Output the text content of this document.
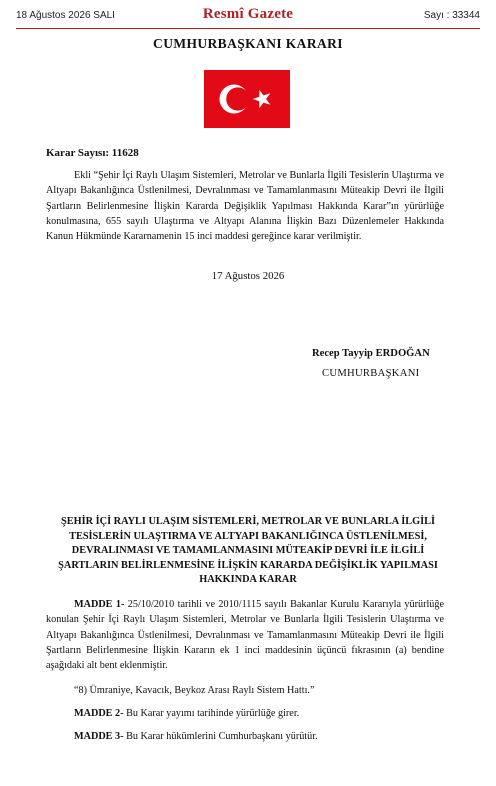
18 Ağustos 2026 SALI	Resmî Gazete	Sayı : 33344
CUMHURBAŞKANI KARARI
Karar Sayısı: 11628
Ekli “Şehir İçi Raylı Ulaşım Sistemleri, Metrolar ve Bunlarla İlgili Tesislerin Ulaştırma ve Altyapı Bakanlığınca Üstlenilmesi, Devralınması ve Tamamlanmasını Müteakip Devri ile İlgili Şartların Belirlenmesine İlişkin Kararda Değişiklik Yapılması Hakkında Karar”ın yürürlüğe konulmasına, 655 sayılı Ulaştırma ve Altyapı Alanına İlişkin Bazı Düzenlemeler Hakkında Kanun Hükmünde Kararnamenin 15 inci maddesi gereğince karar verilmiştir.
17 Ağustos 2026
Recep Tayyip ERDOĞAN
CUMHURBAŞKANI
ŞEHİR İÇİ RAYLI ULAŞIM SİSTEMLERİ, METROLAR VE BUNLARLA İLGİLİ TESİSLERİN ULAŞTIRMA VE ALTYAPI BAKANLIĞINCA ÜSTLENİLMESİ, DEVRALINMASI VE TAMAMLANMASINI MÜTEAKİP DEVRİ İLE İLGİLİ ŞARTLARIN BELİRLENMESİNE İLİŞKİN KARARDA DEĞİŞİKLİK YAPILMASI HAKKINDA KARAR
MADDE 1- 25/10/2010 tarihli ve 2010/1115 sayılı Bakanlar Kurulu Kararıyla yürürlüğe konulan Şehir İçi Raylı Ulaşım Sistemleri, Metrolar ve Bunlarla İlgili Tesislerin Ulaştırma ve Altyapı Bakanlığınca Üstlenilmesi, Devralınması ve Tamamlanmasını Müteakip Devri ile İlgili Şartların Belirlenmesine İlişkin Kararın ek 1 inci maddesinin üçüncü fıkrasının (a) bendine aşağıdaki alt bent eklenmiştir.
“8) Ümraniye, Kavacık, Beykoz Arası Raylı Sistem Hattı.”
MADDE 2- Bu Karar yayımı tarihinde yürürlüğe girer.
MADDE 3- Bu Karar hükümlerini Cumhurbaşkanı yürütür.
